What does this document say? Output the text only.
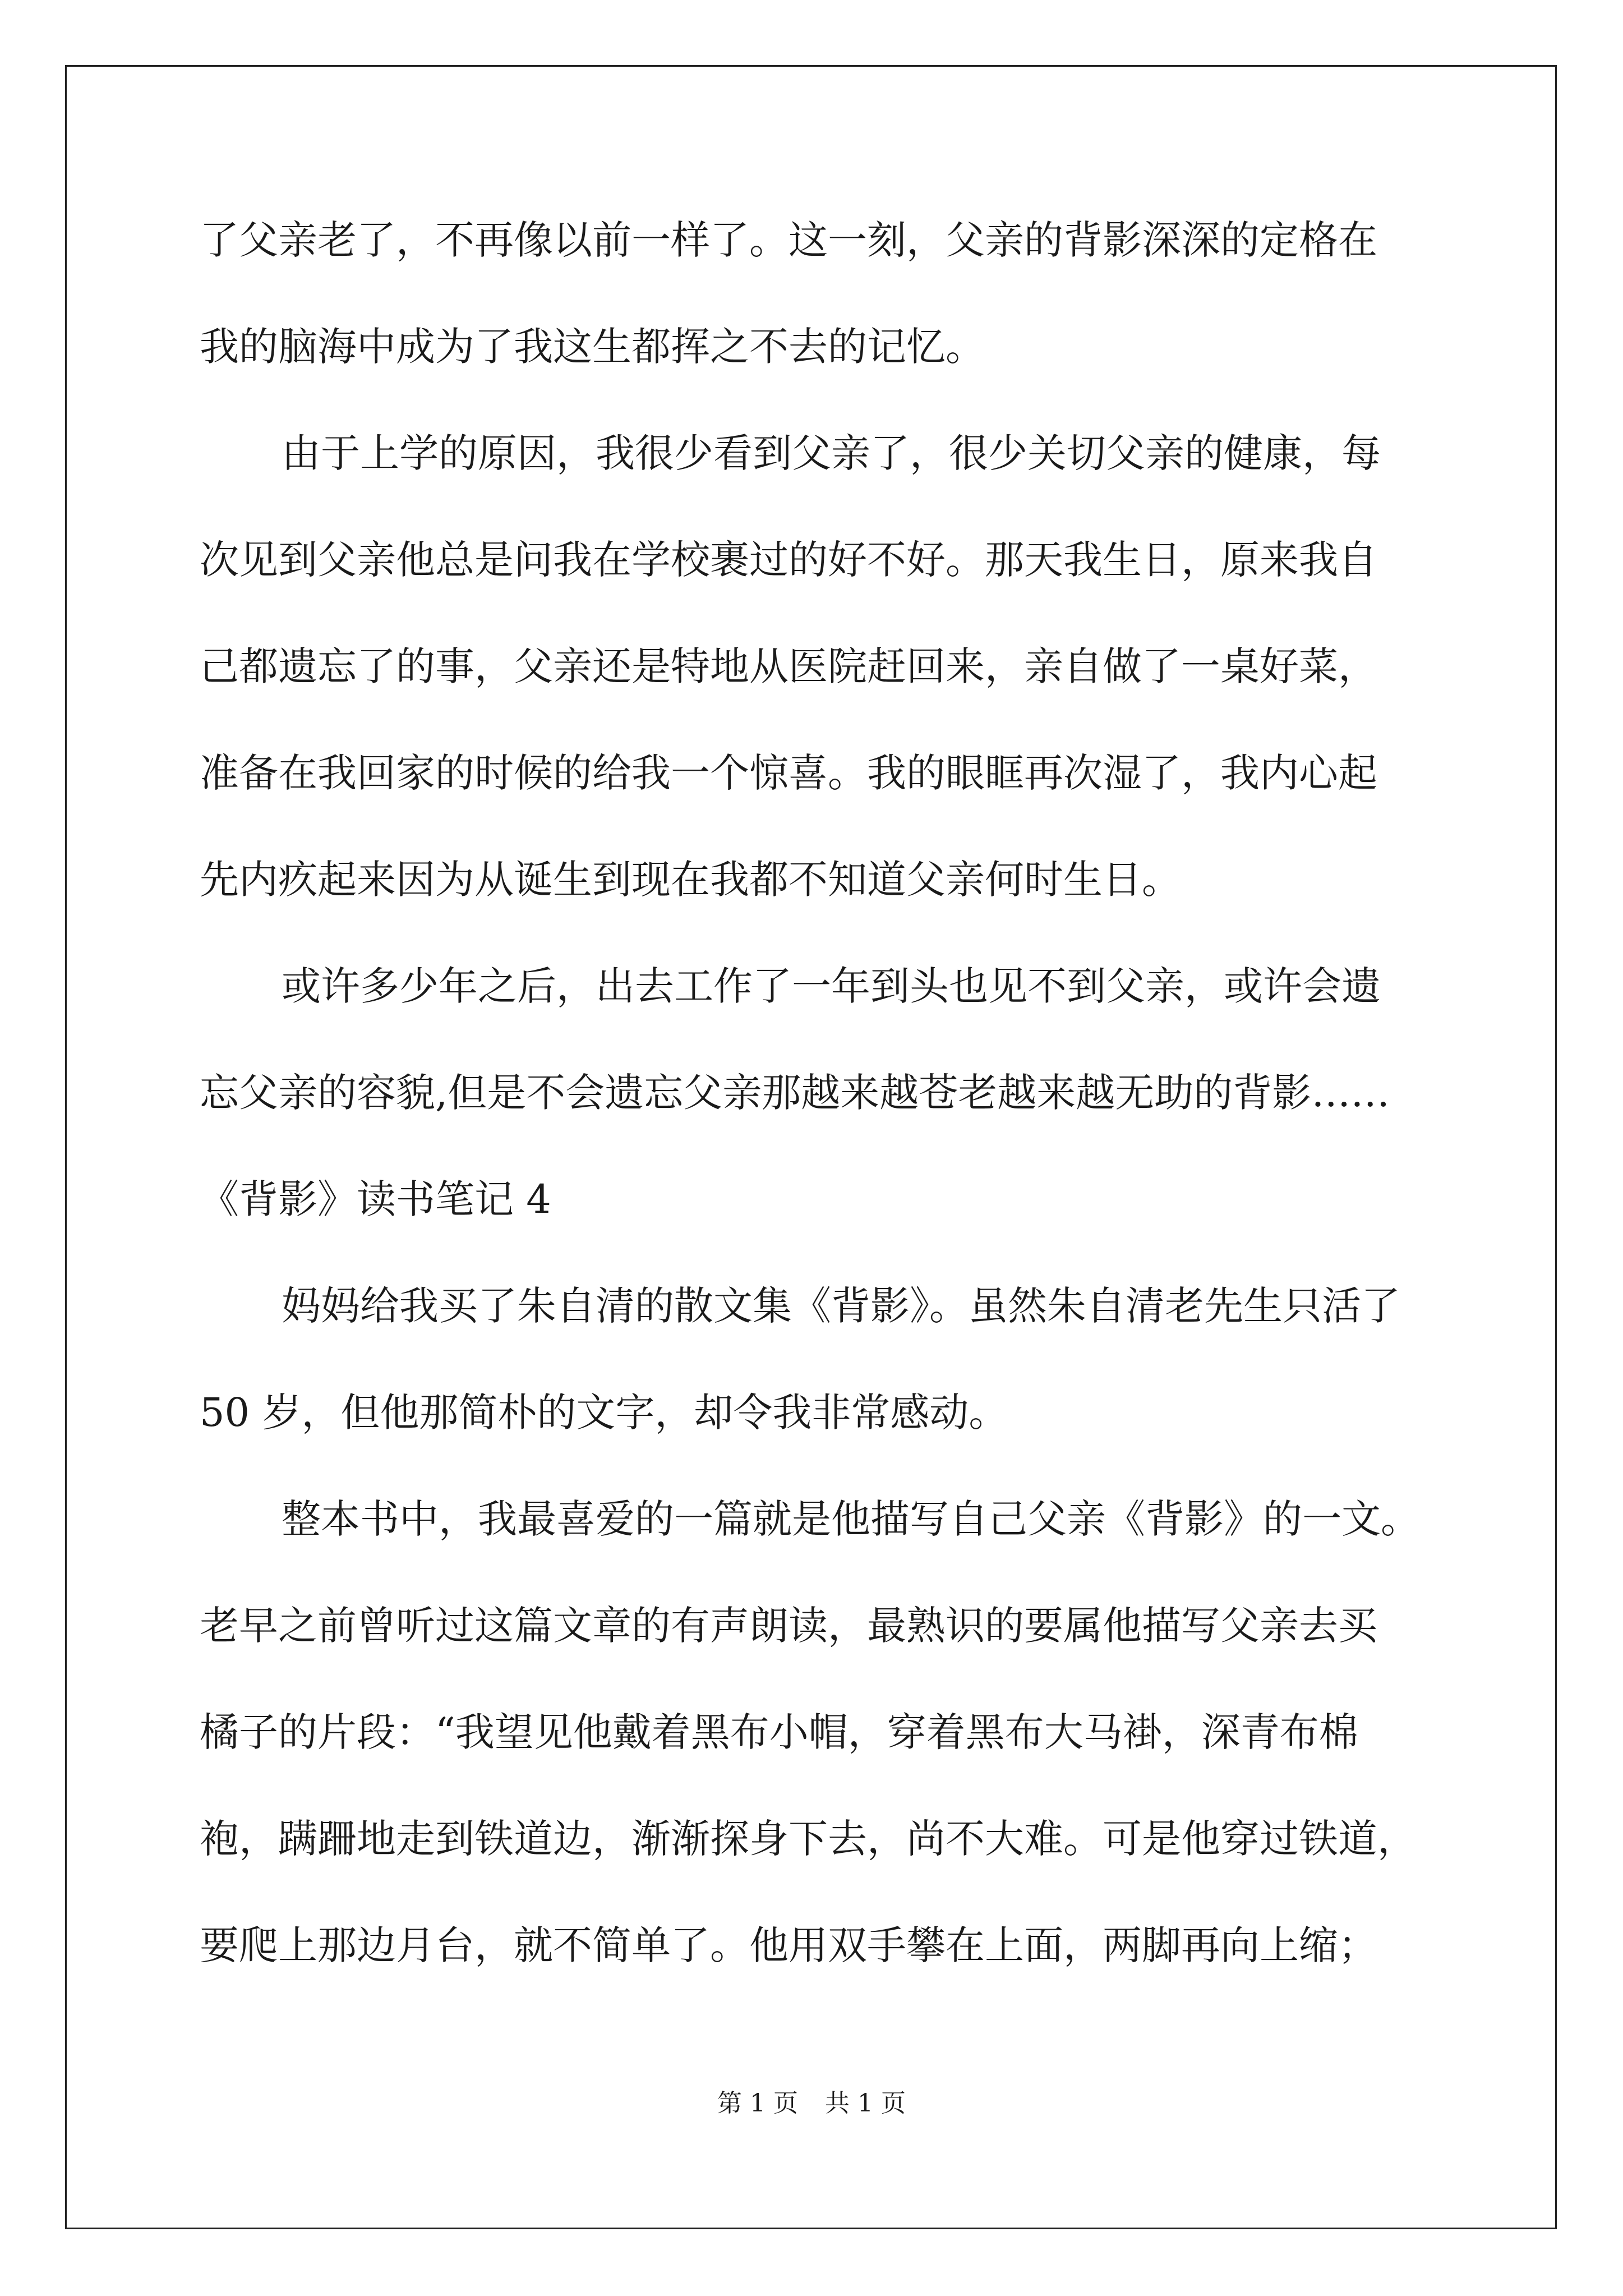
了父亲老了，不再像以前一样了。这一刻，父亲的背影深深的定格在
我的脑海中成为了我这生都挥之不去的记忆。
由于上学的原因，我很少看到父亲了，很少关切父亲的健康，每
次见到父亲他总是问我在学校裹过的好不好。那天我生日，原来我自
己都遗忘了的事，父亲还是特地从医院赶回来，亲自做了一桌好菜，
准备在我回家的时候的给我一个惊喜。我的眼眶再次湿了，我内心起
先内疚起来因为从诞生到现在我都不知道父亲何时生日。
或许多少年之后，出去工作了一年到头也见不到父亲，或许会遗
忘父亲的容貌,但是不会遗忘父亲那越来越苍老越来越无助的背影……
《背影》读书笔记 4
妈妈给我买了朱自清的散文集《背影》。虽然朱自清老先生只活了
50 岁，但他那简朴的文字，却令我非常感动。
整本书中，我最喜爱的一篇就是他描写自己父亲《背影》的一文。
老早之前曾听过这篇文章的有声朗读，最熟识的要属他描写父亲去买
橘子的片段：“我望见他戴着黑布小帽，穿着黑布大马褂，深青布棉
袍，蹒跚地走到铁道边，渐渐探身下去，尚不大难。可是他穿过铁道，
要爬上那边月台，就不简单了。他用双手攀在上面，两脚再向上缩；
第 1 页 共 1 页
